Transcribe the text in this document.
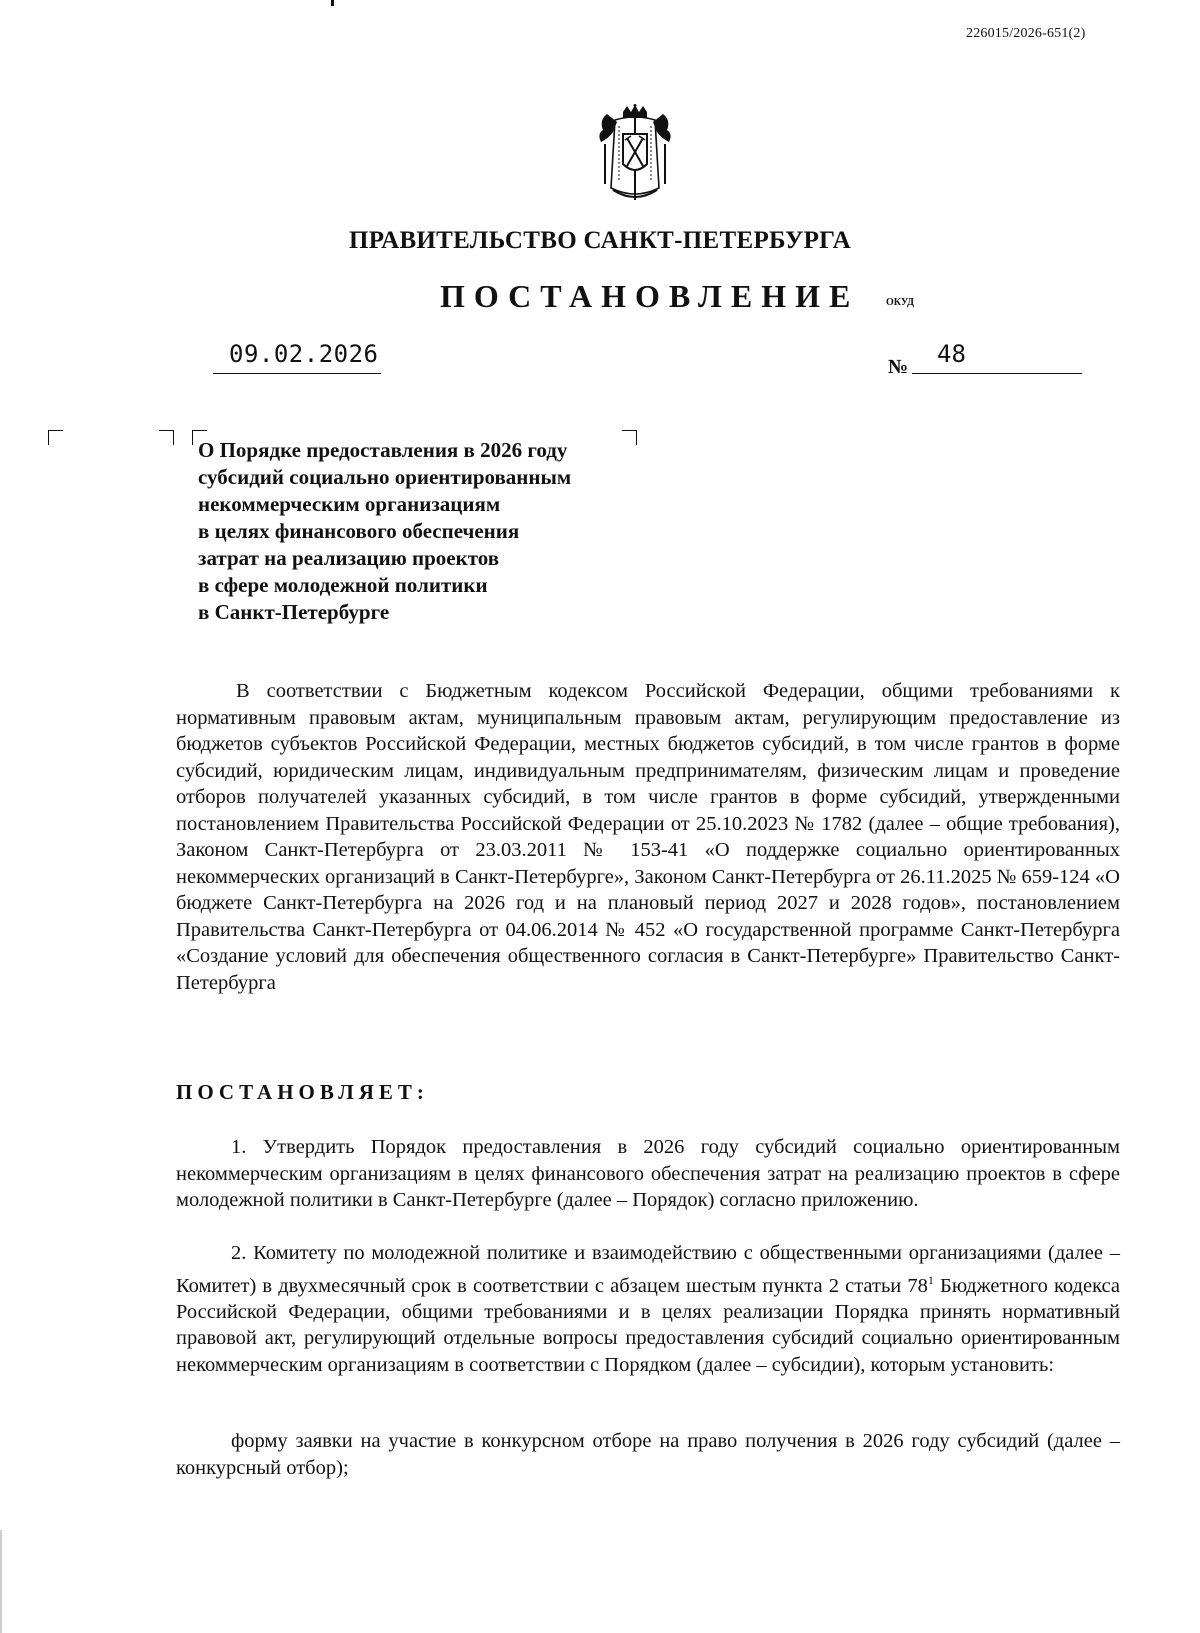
226015/2026-651(2)
ПРАВИТЕЛЬСТВО САНКТ-ПЕТЕРБУРГА
ПОСТАНОВЛЕНИЕ	ОКУД
09.02.2026	№ 48
О Порядке предоставления в 2026 году
субсидий социально ориентированным
некоммерческим организациям
в целях финансового обеспечения
затрат на реализацию проектов
в сфере молодежной политики
в Санкт-Петербурге
В соответствии с Бюджетным кодексом Российской Федерации, общими требованиями к нормативным правовым актам, муниципальным правовым актам, регулирующим предоставление из бюджетов субъектов Российской Федерации, местных бюджетов субсидий, в том числе грантов в форме субсидий, юридическим лицам, индивидуальным предпринимателям, физическим лицам и проведение отборов получателей указанных субсидий, в том числе грантов в форме субсидий, утвержденными постановлением Правительства Российской Федерации от 25.10.2023 № 1782 (далее – общие требования), Законом Санкт-Петербурга от 23.03.2011 № 153-41 «О поддержке социально ориентированных некоммерческих организаций в Санкт-Петербурге», Законом Санкт-Петербурга от 26.11.2025 № 659-124 «О бюджете Санкт-Петербурга на 2026 год и на плановый период 2027 и 2028 годов», постановлением Правительства Санкт-Петербурга от 04.06.2014 № 452 «О государственной программе Санкт-Петербурга «Создание условий для обеспечения общественного согласия в Санкт-Петербурге» Правительство Санкт-Петербурга
ПОСТАНОВЛЯЕТ:
1. Утвердить Порядок предоставления в 2026 году субсидий социально ориентированным некоммерческим организациям в целях финансового обеспечения затрат на реализацию проектов в сфере молодежной политики в Санкт-Петербурге (далее – Порядок) согласно приложению.
2. Комитету по молодежной политике и взаимодействию с общественными организациями (далее – Комитет) в двухмесячный срок в соответствии с абзацем шестым пункта 2 статьи $78^1$ Бюджетного кодекса Российской Федерации, общими требованиями и в целях реализации Порядка принять нормативный правовой акт, регулирующий отдельные вопросы предоставления субсидий социально ориентированным некоммерческим организациям в соответствии с Порядком (далее – субсидии), которым установить:
форму заявки на участие в конкурсном отборе на право получения в 2026 году субсидий (далее – конкурсный отбор);
